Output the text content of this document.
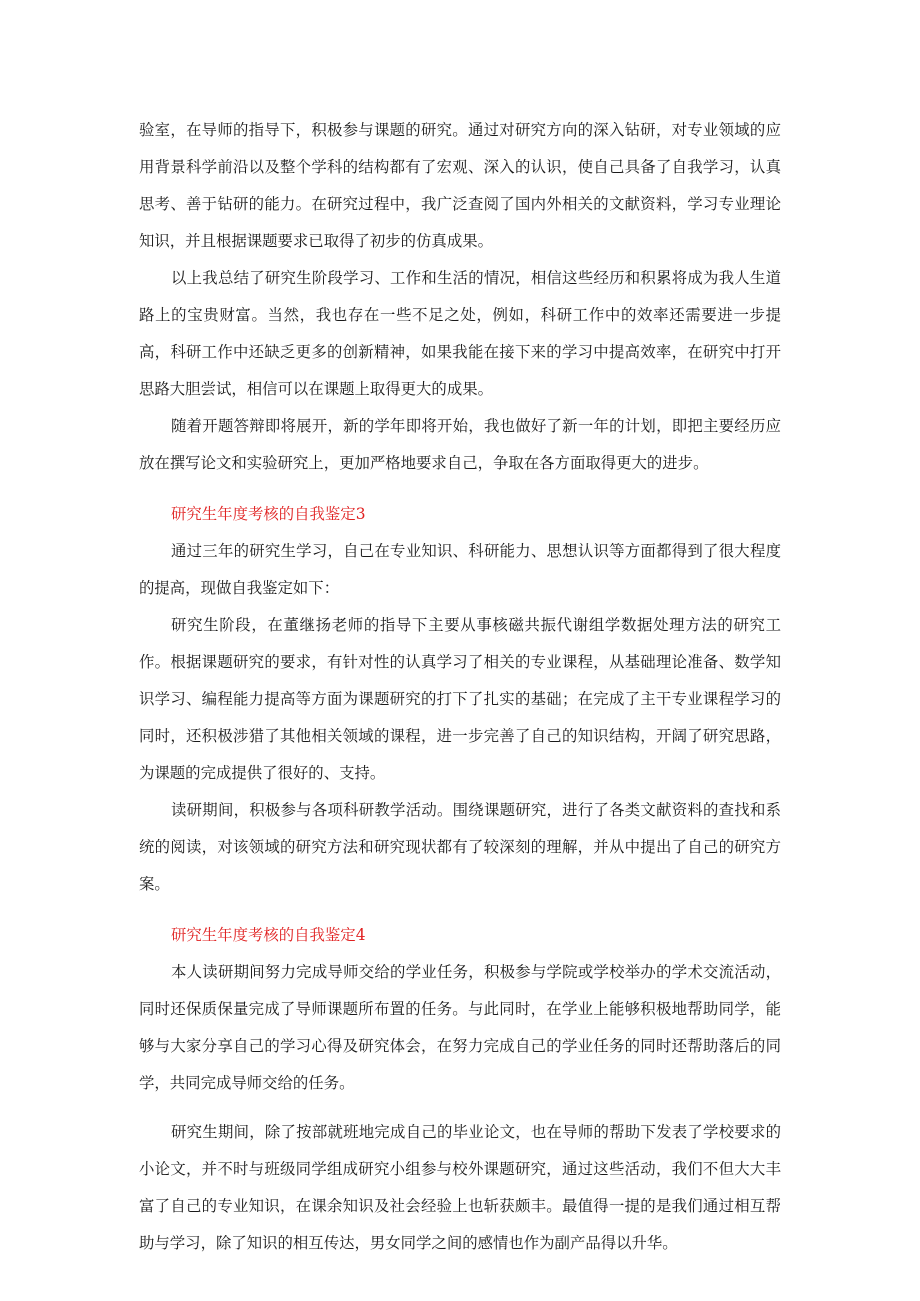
验室，在导师的指导下，积极参与课题的研究。通过对研究方向的深入钻研，对专业领域的应用背景科学前沿以及整个学科的结构都有了宏观、深入的认识，使自己具备了自我学习，认真思考、善于钻研的能力。在研究过程中，我广泛查阅了国内外相关的文献资料，学习专业理论知识，并且根据课题要求已取得了初步的仿真成果。

以上我总结了研究生阶段学习、工作和生活的情况，相信这些经历和积累将成为我人生道路上的宝贵财富。当然，我也存在一些不足之处，例如，科研工作中的效率还需要进一步提高，科研工作中还缺乏更多的创新精神，如果我能在接下来的学习中提高效率，在研究中打开思路大胆尝试，相信可以在课题上取得更大的成果。

随着开题答辩即将展开，新的学年即将开始，我也做好了新一年的计划，即把主要经历应放在撰写论文和实验研究上，更加严格地要求自己，争取在各方面取得更大的进步。

研究生年度考核的自我鉴定3

通过三年的研究生学习，自己在专业知识、科研能力、思想认识等方面都得到了很大程度的提高，现做自我鉴定如下：

研究生阶段，在董继扬老师的指导下主要从事核磁共振代谢组学数据处理方法的研究工作。根据课题研究的要求，有针对性的认真学习了相关的专业课程，从基础理论准备、数学知识学习、编程能力提高等方面为课题研究的打下了扎实的基础；在完成了主干专业课程学习的同时，还积极涉猎了其他相关领域的课程，进一步完善了自己的知识结构，开阔了研究思路，为课题的完成提供了很好的、支持。

读研期间，积极参与各项科研教学活动。围绕课题研究，进行了各类文献资料的查找和系统的阅读，对该领域的研究方法和研究现状都有了较深刻的理解，并从中提出了自己的研究方案。

研究生年度考核的自我鉴定4

本人读研期间努力完成导师交给的学业任务，积极参与学院或学校举办的学术交流活动，同时还保质保量完成了导师课题所布置的任务。与此同时，在学业上能够积极地帮助同学，能够与大家分享自己的学习心得及研究体会，在努力完成自己的学业任务的同时还帮助落后的同学，共同完成导师交给的任务。

研究生期间，除了按部就班地完成自己的毕业论文，也在导师的帮助下发表了学校要求的小论文，并不时与班级同学组成研究小组参与校外课题研究，通过这些活动，我们不但大大丰富了自己的专业知识，在课余知识及社会经验上也斩获颇丰。最值得一提的是我们通过相互帮助与学习，除了知识的相互传达，男女同学之间的感情也作为副产品得以升华。
